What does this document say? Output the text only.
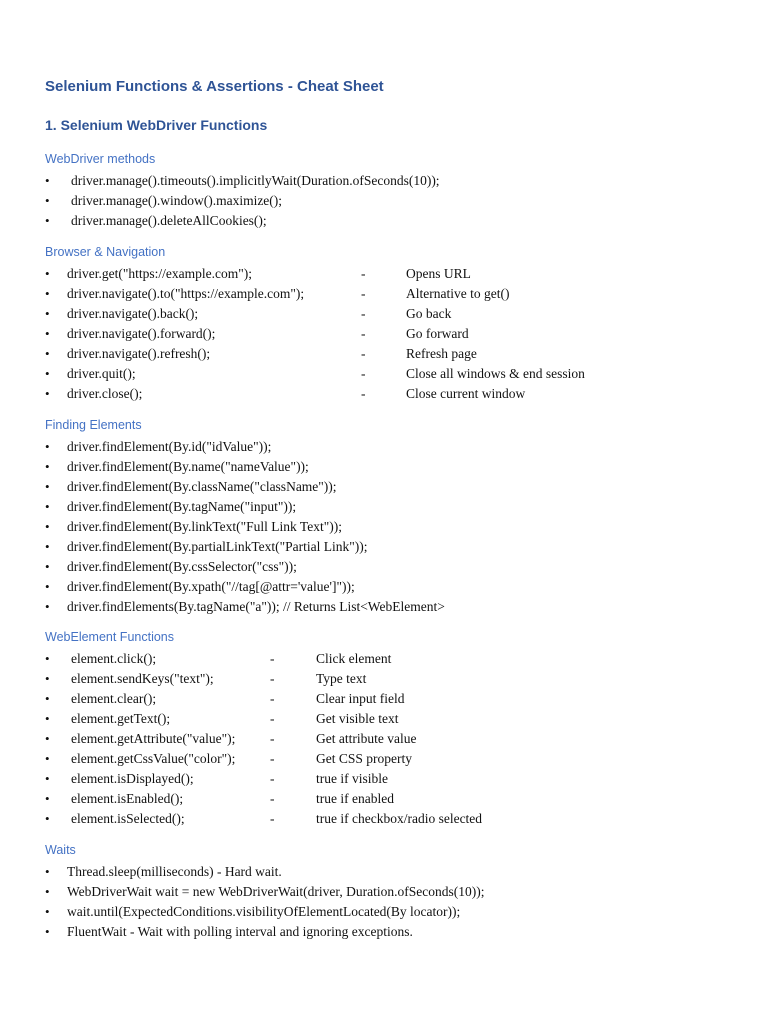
Selenium Functions & Assertions - Cheat Sheet
1. Selenium WebDriver Functions
WebDriver methods
• driver.manage().timeouts().implicitlyWait(Duration.ofSeconds(10));
• driver.manage().window().maximize();
• driver.manage().deleteAllCookies();
Browser & Navigation
• driver.get("https://example.com");	-	Opens URL
• driver.navigate().to("https://example.com");	-	Alternative to get()
• driver.navigate().back();	-	Go back
• driver.navigate().forward();	-	Go forward
• driver.navigate().refresh();	-	Refresh page
• driver.quit();	-	Close all windows & end session
• driver.close();	-	Close current window
Finding Elements
• driver.findElement(By.id("idValue"));
• driver.findElement(By.name("nameValue"));
• driver.findElement(By.className("className"));
• driver.findElement(By.tagName("input"));
• driver.findElement(By.linkText("Full Link Text"));
• driver.findElement(By.partialLinkText("Partial Link"));
• driver.findElement(By.cssSelector("css"));
• driver.findElement(By.xpath("//tag[@attr='value']"));
• driver.findElements(By.tagName("a")); // Returns List<WebElement>
WebElement Functions
• element.click();	-	Click element
• element.sendKeys("text");	-	Type text
• element.clear();	-	Clear input field
• element.getText();	-	Get visible text
• element.getAttribute("value");	-	Get attribute value
• element.getCssValue("color");	-	Get CSS property
• element.isDisplayed();	-	true if visible
• element.isEnabled();	-	true if enabled
• element.isSelected();	-	true if checkbox/radio selected
Waits
• Thread.sleep(milliseconds) - Hard wait.
• WebDriverWait wait = new WebDriverWait(driver, Duration.ofSeconds(10));
• wait.until(ExpectedConditions.visibilityOfElementLocated(By locator));
• FluentWait - Wait with polling interval and ignoring exceptions.
